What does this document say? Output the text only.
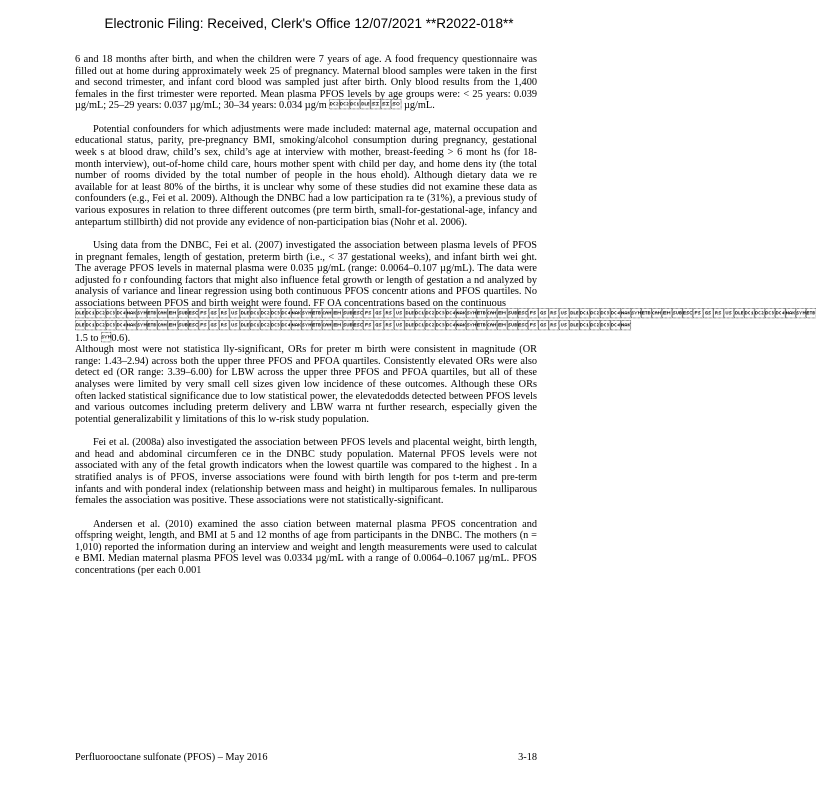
Electronic Filing: Received, Clerk's Office 12/07/2021 **R2022-018**

6 and 18 months after birth, and when the children were 7 years of age. A food frequency questionnaire was filled out at home during approximately week 25 of pregnancy. Maternal blood samples were taken in the first and second trimester, and infant cord blood was sampled just after birth. Only blood results from the 1,400 females in the first trimester were reported. Mean plasma PFOS levels by age groups were: < 25 years: 0.039 µg/mL; 25–29 years: 0.037 µg/mL; 30–34 years: 0.034 µg/m  µg/mL.

Potential confounders for which adjustments were made included: maternal age, maternal occupation and educational status, parity, pre-pregnancy BMI, smoking/alcohol consumption during pregnancy, gestational week s at blood draw, child’s sex, child’s age at interview with mother, breast-feeding > 6 mont hs (for 18-month interview), out-of-home child care, hours mother spent with child per day, and home dens ity (the total number of rooms divided by the total number of people in the hous ehold). Although dietary data we re available for at least 80% of the births, it is unclear why some of these studies did not examine these data as confounders (e.g., Fei et al. 2009). Although the DNBC had a low participation ra te (31%), a previous study of various exposures in relation to three different outcomes (pre term birth, small-for-gestational-age, infancy and antepartum stillbirth) did not provide any evidence of non-participation bias (Nohr et al. 2006).

Using data from the DNBC, Fei et al. (2007) investigated the association between plasma levels of PFOS in pregnant females, length of gestation, preterm birth (i.e., < 37 gestational weeks), and infant birth wei ght. The average PFOS levels in maternal plasma were 0.035 µg/mL (range: 0.0064–0.107 µg/mL). The data were adjusted fo r confounding factors that might also influence fetal growth or length of gestation a nd analyzed by analysis of variance and linear regression using both continuous PFOS concentr ations and PFOS quartiles. No associations between PFOS and birth weight were found. FF OA concentrations based on the continuous

  1.5 to 0.6).

Although most were not statistica lly-significant, ORs for preter m birth were consistent in magnitude (OR range: 1.43–2.94) across both the upper three PFOS and PFOA quartiles. Consistently elevated ORs were also detect ed (OR range: 3.39–6.00) for LBW across the upper three PFOS and PFOA quartiles, but all of these analyses were limited by very small cell sizes given low incidence of these outcomes. Although these ORs often lacked statistical significance due to low statistical power, the elevatedodds detected between PFOS levels and various outcomes including preterm delivery and LBW warra nt further research, especially given the potential generalizabilit y limitations of this lo w-risk study population.

Fei et al. (2008a) also investigated the association between PFOS levels and placental weight, birth length, and head and abdominal circumferen ce in the DNBC study population. Maternal PFOS levels were not associated with any of the fetal growth indicators when the lowest quartile was compared to the highest . In a stratified analys is of PFOS, inverse associations were found with birth length for pos t-term and pre-term infants and with ponderal index (relationship between mass and height) in multiparous females. In nulliparous females the association was positive. These associations were not statistically-significant.

Andersen et al. (2010) examined the asso ciation between maternal plasma PFOS concentration and offspring weight, length, and BMI at 5 and 12 months of age from participants in the DNBC. The mothers (n = 1,010) reported the information during an interview and weight and length measurements were used to calculat e BMI. Median maternal plasma PFOS level was 0.0334 µg/mL with a range of 0.0064–0.1067 µg/mL. PFOS concentrations (per each 0.001

Perfluorooctane sulfonate (PFOS) – May 2016	3-18
